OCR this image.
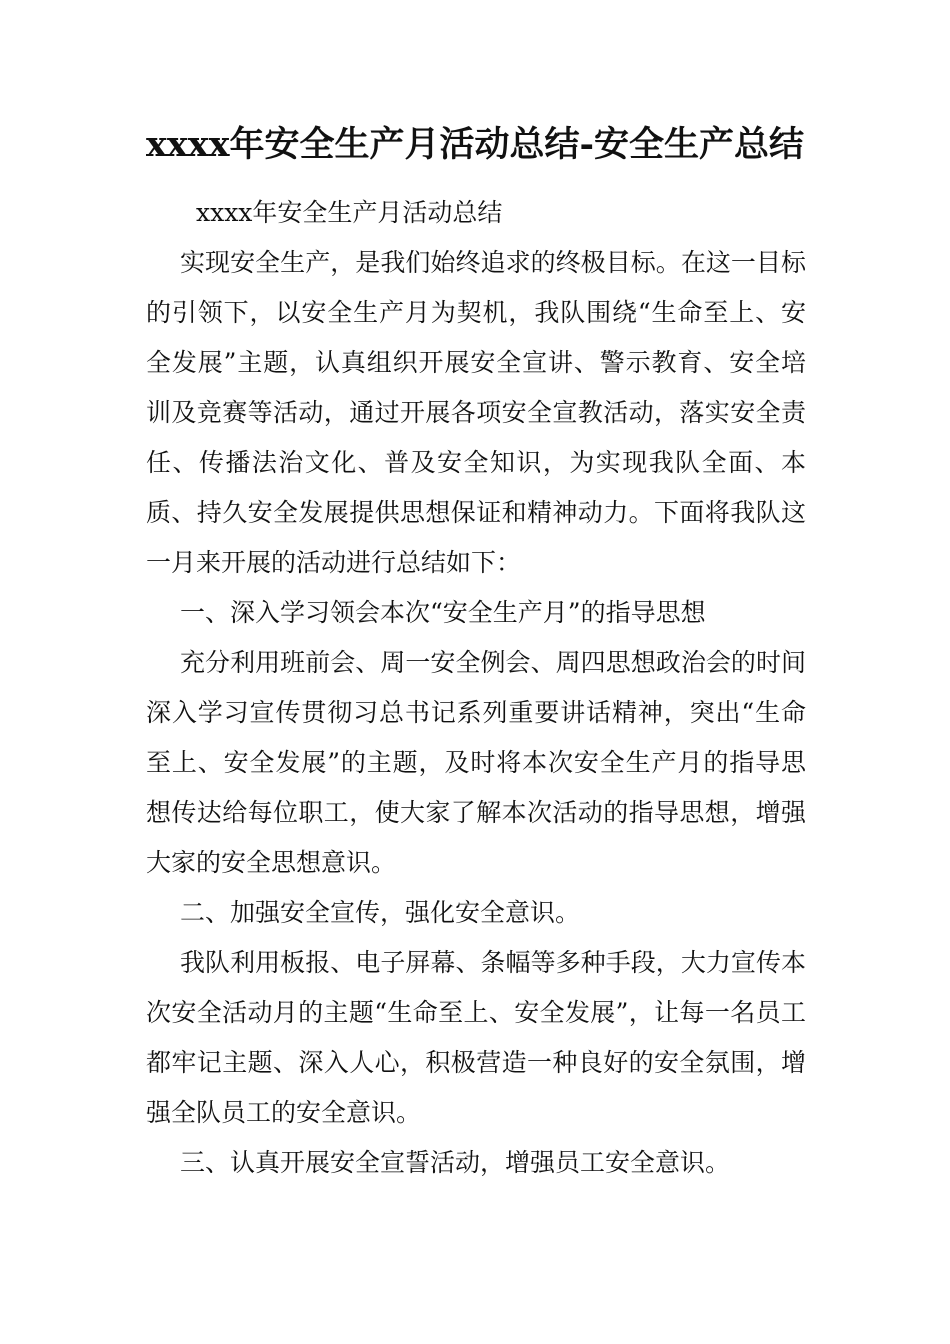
xxxx年安全生产月活动总结-安全生产总结

xxxx年安全生产月活动总结

实现安全生产，是我们始终追求的终极目标。在这一目标的引领下，以安全生产月为契机，我队围绕“生命至上、安全发展”主题，认真组织开展安全宣讲、警示教育、安全培训及竞赛等活动，通过开展各项安全宣教活动，落实安全责任、传播法治文化、普及安全知识，为实现我队全面、本质、持久安全发展提供思想保证和精神动力。下面将我队这一月来开展的活动进行总结如下：

一、深入学习领会本次“安全生产月”的指导思想

充分利用班前会、周一安全例会、周四思想政治会的时间深入学习宣传贯彻习总书记系列重要讲话精神，突出“生命至上、安全发展”的主题，及时将本次安全生产月的指导思想传达给每位职工，使大家了解本次活动的指导思想，增强大家的安全思想意识。

二、加强安全宣传，强化安全意识。

我队利用板报、电子屏幕、条幅等多种手段，大力宣传本次安全活动月的主题“生命至上、安全发展”，让每一名员工都牢记主题、深入人心，积极营造一种良好的安全氛围，增强全队员工的安全意识。

三、认真开展安全宣誓活动，增强员工安全意识。
